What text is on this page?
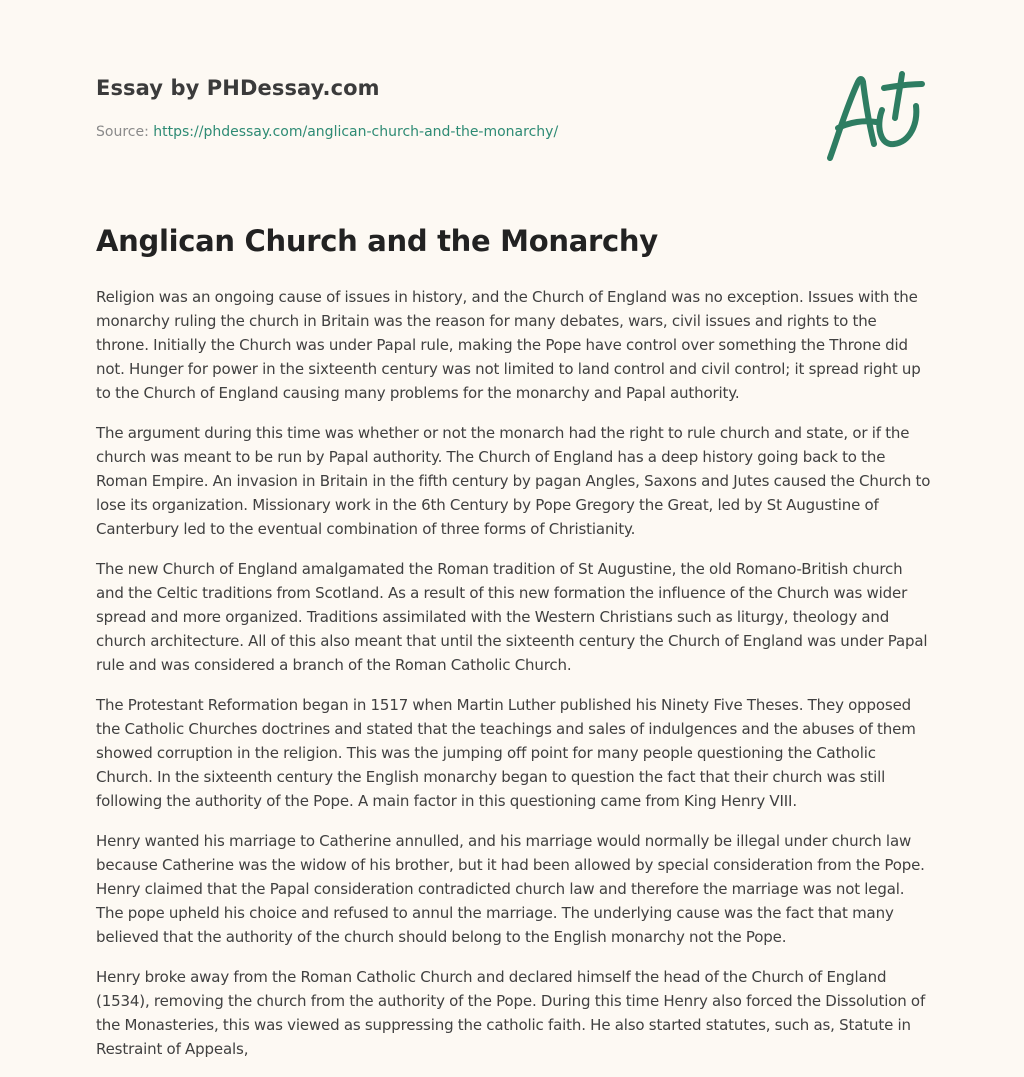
Essay by PHDessay.com
Source: https://phdessay.com/anglican-church-and-the-monarchy/
Anglican Church and the Monarchy

Religion was an ongoing cause of issues in history, and the Church of England was no exception. Issues with the monarchy ruling the church in Britain was the reason for many debates, wars, civil issues and rights to the throne. Initially the Church was under Papal rule, making the Pope have control over something the Throne did not. Hunger for power in the sixteenth century was not limited to land control and civil control; it spread right up to the Church of England causing many problems for the monarchy and Papal authority.

The argument during this time was whether or not the monarch had the right to rule church and state, or if the church was meant to be run by Papal authority. The Church of England has a deep history going back to the Roman Empire. An invasion in Britain in the fifth century by pagan Angles, Saxons and Jutes caused the Church to lose its organization. Missionary work in the 6th Century by Pope Gregory the Great, led by St Augustine of Canterbury led to the eventual combination of three forms of Christianity.

The new Church of England amalgamated the Roman tradition of St Augustine, the old Romano-British church and the Celtic traditions from Scotland. As a result of this new formation the influence of the Church was wider spread and more organized. Traditions assimilated with the Western Christians such as liturgy, theology and church architecture. All of this also meant that until the sixteenth century the Church of England was under Papal rule and was considered a branch of the Roman Catholic Church.

The Protestant Reformation began in 1517 when Martin Luther published his Ninety Five Theses. They opposed the Catholic Churches doctrines and stated that the teachings and sales of indulgences and the abuses of them showed corruption in the religion. This was the jumping off point for many people questioning the Catholic Church. In the sixteenth century the English monarchy began to question the fact that their church was still following the authority of the Pope. A main factor in this questioning came from King Henry VIII.

Henry wanted his marriage to Catherine annulled, and his marriage would normally be illegal under church law because Catherine was the widow of his brother, but it had been allowed by special consideration from the Pope. Henry claimed that the Papal consideration contradicted church law and therefore the marriage was not legal. The pope upheld his choice and refused to annul the marriage. The underlying cause was the fact that many believed that the authority of the church should belong to the English monarchy not the Pope.

Henry broke away from the Roman Catholic Church and declared himself the head of the Church of England (1534), removing the church from the authority of the Pope. During this time Henry also forced the Dissolution of the Monasteries, this was viewed as suppressing the catholic faith. He also started statutes, such as, Statute in Restraint of Appeals,
